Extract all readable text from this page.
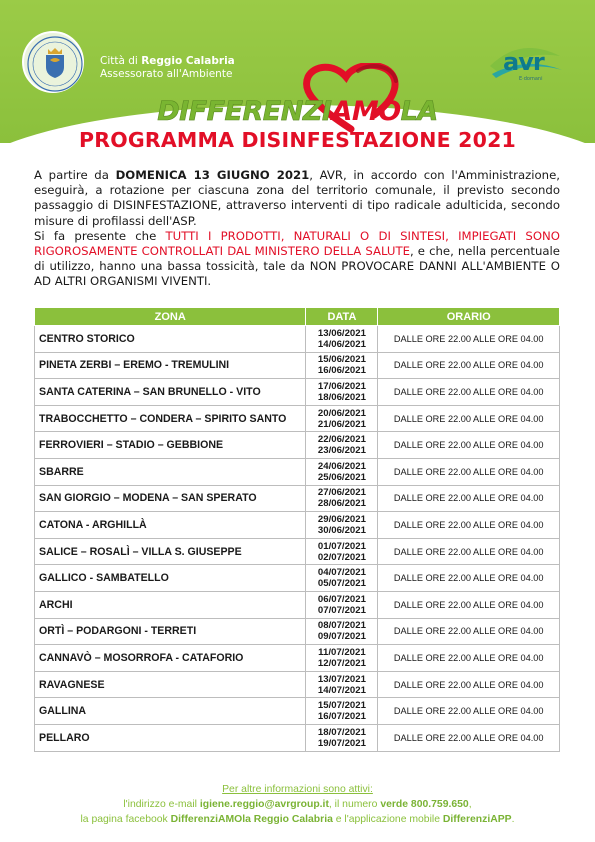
Città di Reggio Calabria
Assessorato all'Ambiente	avr
E·domani
DIFFERENZIAMOLA
PROGRAMMA DISINFESTAZIONE 2021

A partire da DOMENICA 13 GIUGNO 2021, AVR, in accordo con l'Amministrazione, eseguirà, a rotazione per ciascuna zona del territorio comunale, il previsto secondo passaggio di DISINFESTAZIONE, attraverso interventi di tipo radicale adulticida, secondo misure di profilassi dell'ASP.

Si fa presente che TUTTI I PRODOTTI, NATURALI O DI SINTESI, IMPIEGATI SONO RIGOROSAMENTE CONTROLLATI DAL MINISTERO DELLA SALUTE, e che, nella percentuale di utilizzo, hanno una bassa tossicità, tale da NON PROVOCARE DANNI ALL'AMBIENTE O AD ALTRI ORGANISMI VIVENTI.

ZONA	DATA	ORARIO
CENTRO STORICO	13/06/2021
14/06/2021	DALLE ORE 22.00 ALLE ORE 04.00
PINETA ZERBI – EREMO - TREMULINI	15/06/2021
16/06/2021	DALLE ORE 22.00 ALLE ORE 04.00
SANTA CATERINA – SAN BRUNELLO - VITO	17/06/2021
18/06/2021	DALLE ORE 22.00 ALLE ORE 04.00
TRABOCCHETTO – CONDERA – SPIRITO SANTO	20/06/2021
21/06/2021	DALLE ORE 22.00 ALLE ORE 04.00
FERROVIERI – STADIO – GEBBIONE	22/06/2021
23/06/2021	DALLE ORE 22.00 ALLE ORE 04.00
SBARRE	24/06/2021
25/06/2021	DALLE ORE 22.00 ALLE ORE 04.00
SAN GIORGIO – MODENA – SAN SPERATO	27/06/2021
28/06/2021	DALLE ORE 22.00 ALLE ORE 04.00
CATONA - ARGHILLÀ	29/06/2021
30/06/2021	DALLE ORE 22.00 ALLE ORE 04.00
SALICE – ROSALÌ – VILLA S. GIUSEPPE	01/07/2021
02/07/2021	DALLE ORE 22.00 ALLE ORE 04.00
GALLICO - SAMBATELLO	04/07/2021
05/07/2021	DALLE ORE 22.00 ALLE ORE 04.00
ARCHI	06/07/2021
07/07/2021	DALLE ORE 22.00 ALLE ORE 04.00
ORTÌ – PODARGONI - TERRETI	08/07/2021
09/07/2021	DALLE ORE 22.00 ALLE ORE 04.00
CANNAVÒ – MOSORROFA - CATAFORIO	11/07/2021
12/07/2021	DALLE ORE 22.00 ALLE ORE 04.00
RAVAGNESE	13/07/2021
14/07/2021	DALLE ORE 22.00 ALLE ORE 04.00
GALLINA	15/07/2021
16/07/2021	DALLE ORE 22.00 ALLE ORE 04.00
PELLARO	18/07/2021
19/07/2021	DALLE ORE 22.00 ALLE ORE 04.00
Per altre informazioni sono attivi:
l'indirizzo e-mail igiene.reggio@avrgroup.it, il numero verde 800.759.650,
la pagina facebook DifferenziAMOla Reggio Calabria e l'applicazione mobile DifferenziAPP.
